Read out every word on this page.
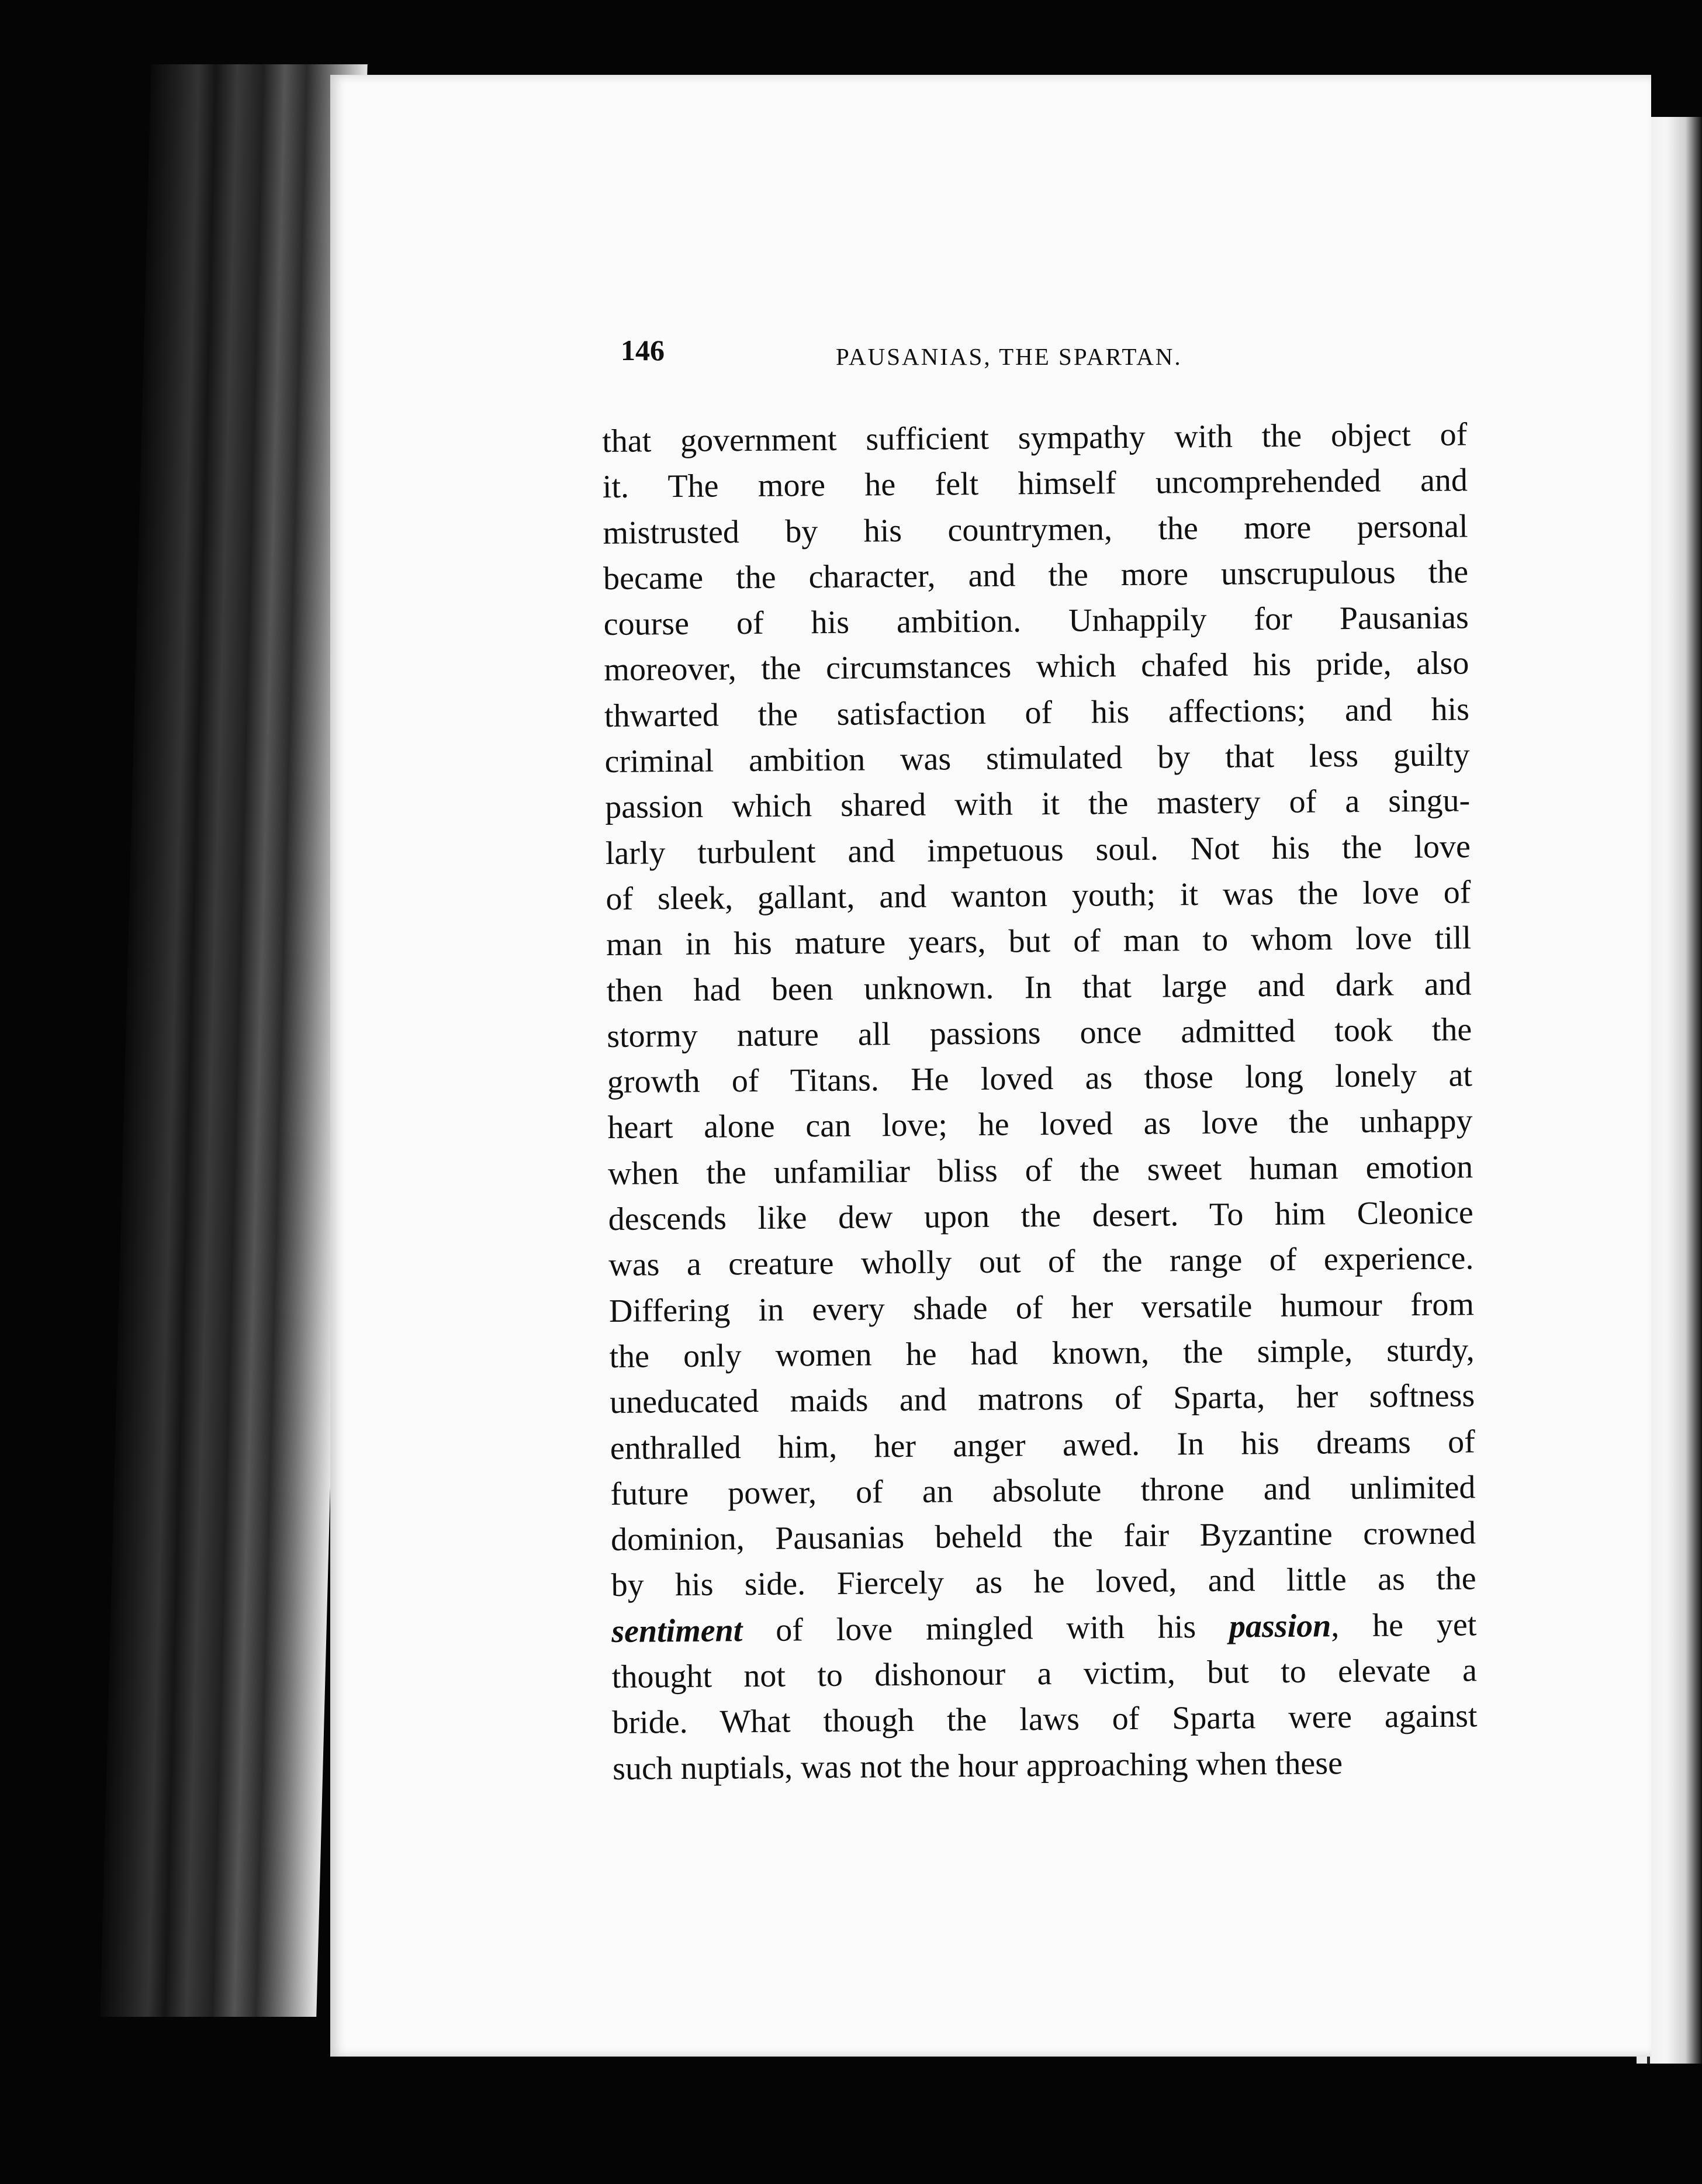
146	PAUSANIAS, THE SPARTAN.
that government sufficient sympathy with the object of
it. The more he felt himself uncomprehended and
mistrusted by his countrymen, the more personal
became the character, and the more unscrupulous the
course of his ambition. Unhappily for Pausanias
moreover, the circumstances which chafed his pride, also
thwarted the satisfaction of his affections; and his
criminal ambition was stimulated by that less guilty
passion which shared with it the mastery of a singu-
larly turbulent and impetuous soul. Not his the love
of sleek, gallant, and wanton youth; it was the love of
man in his mature years, but of man to whom love till
then had been unknown. In that large and dark and
stormy nature all passions once admitted took the
growth of Titans. He loved as those long lonely at
heart alone can love; he loved as love the unhappy
when the unfamiliar bliss of the sweet human emotion
descends like dew upon the desert. To him Cleonice
was a creature wholly out of the range of experience.
Differing in every shade of her versatile humour from
the only women he had known, the simple, sturdy,
uneducated maids and matrons of Sparta, her softness
enthralled him, her anger awed. In his dreams of
future power, of an absolute throne and unlimited
dominion, Pausanias beheld the fair Byzantine crowned
by his side. Fiercely as he loved, and little as the
sentiment of love mingled with his passion, he yet
thought not to dishonour a victim, but to elevate a
bride. What though the laws of Sparta were against
such nuptials, was not the hour approaching when these
